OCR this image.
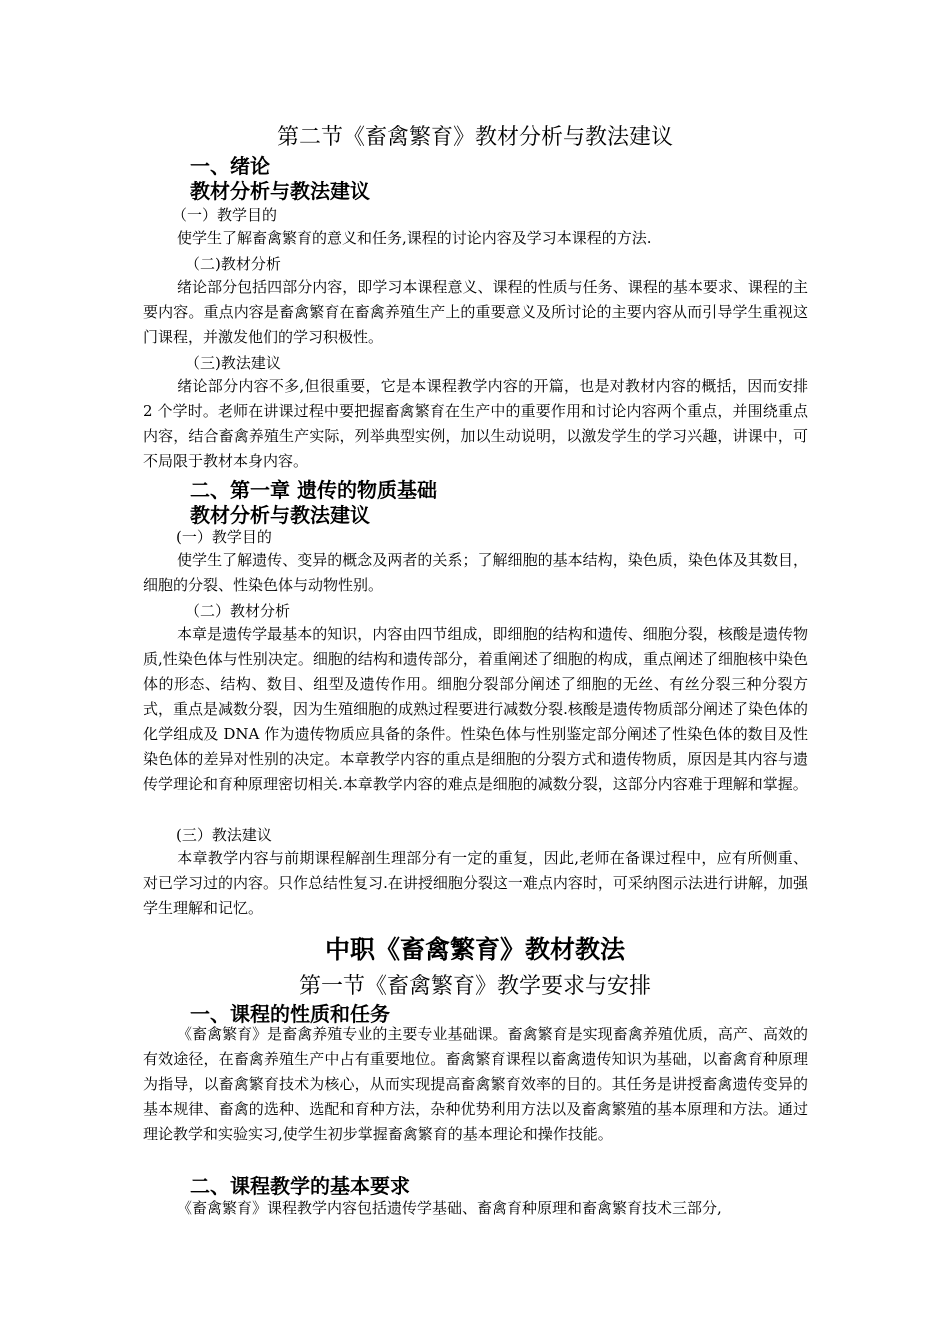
第二节《畜禽繁育》教材分析与教法建议

一、绪论

教材分析与教法建议

（一）教学目的

使学生了解畜禽繁育的意义和任务,课程的讨论内容及学习本课程的方法.

（二)教材分析

绪论部分包括四部分内容，即学习本课程意义、课程的性质与任务、课程的基本要求、课程的主要内容。重点内容是畜禽繁育在畜禽养殖生产上的重要意义及所讨论的主要内容从而引导学生重视这门课程，并激发他们的学习积极性。

（三)教法建议

绪论部分内容不多,但很重要，它是本课程教学内容的开篇，也是对教材内容的概括，因而安排 2 个学时。老师在讲课过程中要把握畜禽繁育在生产中的重要作用和讨论内容两个重点，并围绕重点内容，结合畜禽养殖生产实际，列举典型实例，加以生动说明，以激发学生的学习兴趣，讲课中，可不局限于教材本身内容。

二、第一章 遗传的物质基础

教材分析与教法建议

(一）教学目的

使学生了解遗传、变异的概念及两者的关系；了解细胞的基本结构，染色质，染色体及其数目，细胞的分裂、性染色体与动物性别。

（二）教材分析

本章是遗传学最基本的知识，内容由四节组成，即细胞的结构和遗传、细胞分裂，核酸是遗传物质,性染色体与性别决定。细胞的结构和遗传部分，着重阐述了细胞的构成，重点阐述了细胞核中染色体的形态、结构、数目、组型及遗传作用。细胞分裂部分阐述了细胞的无丝、有丝分裂三种分裂方式，重点是减数分裂，因为生殖细胞的成熟过程要进行减数分裂.核酸是遗传物质部分阐述了染色体的化学组成及 DNA 作为遗传物质应具备的条件。性染色体与性别鉴定部分阐述了性染色体的数目及性染色体的差异对性别的决定。本章教学内容的重点是细胞的分裂方式和遗传物质，原因是其内容与遗传学理论和育种原理密切相关.本章教学内容的难点是细胞的减数分裂，这部分内容难于理解和掌握。

(三）教法建议

本章教学内容与前期课程解剖生理部分有一定的重复，因此,老师在备课过程中，应有所侧重、对已学习过的内容。只作总结性复习.在讲授细胞分裂这一难点内容时，可采纳图示法进行讲解，加强学生理解和记忆。

中职《畜禽繁育》教材教法

第一节《畜禽繁育》教学要求与安排

一、课程的性质和任务

《畜禽繁育》是畜禽养殖专业的主要专业基础课。畜禽繁育是实现畜禽养殖优质，高产、高效的有效途径，在畜禽养殖生产中占有重要地位。畜禽繁育课程以畜禽遗传知识为基础，以畜禽育种原理为指导，以畜禽繁育技术为核心，从而实现提高畜禽繁育效率的目的。其任务是讲授畜禽遗传变异的基本规律、畜禽的选种、选配和育种方法，杂种优势利用方法以及畜禽繁殖的基本原理和方法。通过理论教学和实验实习,使学生初步掌握畜禽繁育的基本理论和操作技能。

二、课程教学的基本要求

《畜禽繁育》课程教学内容包括遗传学基础、畜禽育种原理和畜禽繁育技术三部分,
